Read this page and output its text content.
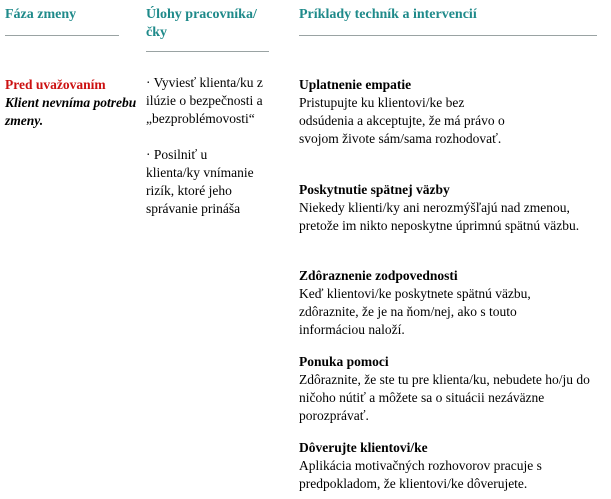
Fáza zmeny	Úlohy pracovníka/čky
Príklady techník a intervencií
Pred uvažovaním
Klient nevníma potrebu zmeny.
· Vyviesť klienta/ku z ilúzie o bezpečnosti a „bezproblémovosti“
· Posilniť u klienta/ky vnímanie rizík, ktoré jeho správanie prináša
Uplatnenie empatie
Pristupujte ku klientovi/ke bez odsúdenia a akceptujte, že má právo o svojom živote sám/sama rozhodovať.
Poskytnutie spätnej väzby
Niekedy klienti/ky ani nerozmýšľajú nad zmenou, pretože im nikto neposkytne úprimnú spätnú väzbu.
Zdôraznenie zodpovednosti
Keď klientovi/ke poskytnete spätnú väzbu, zdôraznite, že je na ňom/nej, ako s touto informáciou naloží.
Ponuka pomoci
Zdôraznite, že ste tu pre klienta/ku, nebudete ho/ju do ničoho nútiť a môžete sa o situácii nezáväzne porozprávať.
Dôverujte klientovi/ke
Aplikácia motivačných rozhovorov pracuje s predpokladom, že klientovi/ke dôverujete.
